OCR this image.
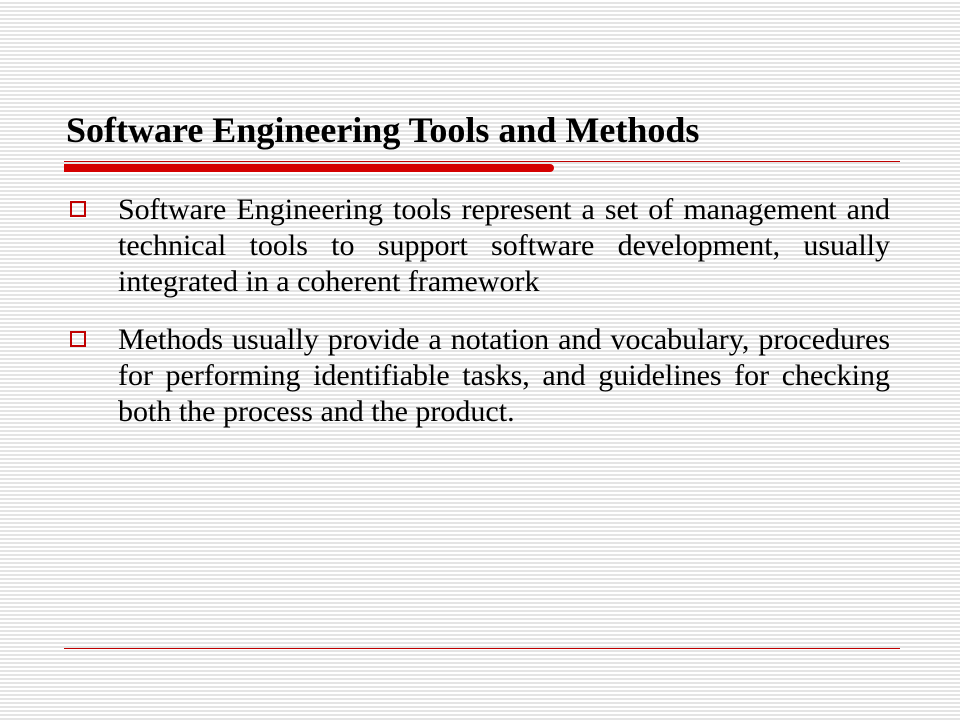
Software Engineering Tools and Methods
Software Engineering tools represent a set of management and technical tools to support software development, usually integrated in a coherent framework
Methods usually provide a notation and vocabulary, procedures for performing identifiable tasks, and guidelines for checking both the process and the product.
